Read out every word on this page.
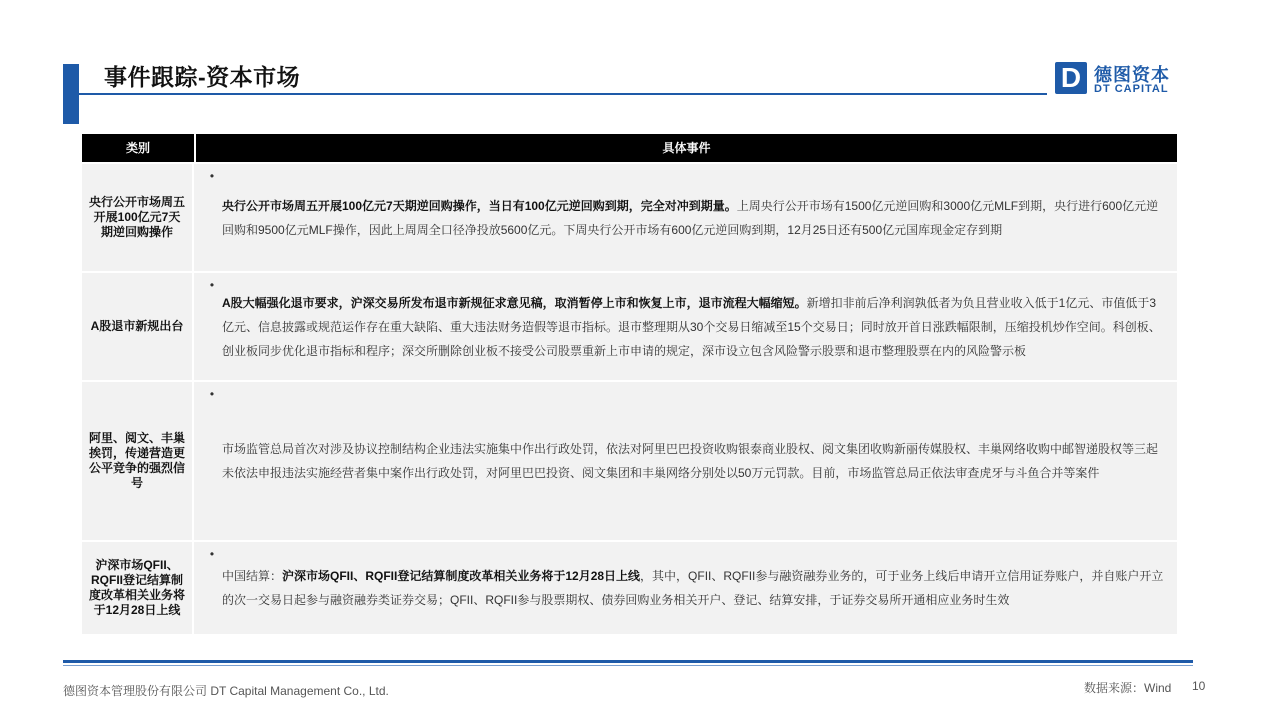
事件跟踪-资本市场	D 德图资本
DT CAPITAL
类别	具体事件
央行公开市场周五开展100亿元7天期逆回购操作
•
央行公开市场周五开展100亿元7天期逆回购操作，当日有100亿元逆回购到期，完全对冲到期量。上周央行公开市场有1500亿元逆回购和3000亿元MLF到期，央行进行600亿元逆回购和9500亿元MLF操作，因此上周周全口径净投放5600亿元。下周央行公开市场有600亿元逆回购到期，12月25日还有500亿元国库现金定存到期
A股退市新规出台
•
A股大幅强化退市要求，沪深交易所发布退市新规征求意见稿，取消暂停上市和恢复上市，退市流程大幅缩短。新增扣非前后净利润孰低者为负且营业收入低于1亿元、市值低于3亿元、信息披露或规范运作存在重大缺陷、重大违法财务造假等退市指标。退市整理期从30个交易日缩减至15个交易日；同时放开首日涨跌幅限制，压缩投机炒作空间。科创板、创业板同步优化退市指标和程序；深交所删除创业板不接受公司股票重新上市申请的规定，深市设立包含风险警示股票和退市整理股票在内的风险警示板
阿里、阅文、丰巢挨罚，传递营造更公平竞争的强烈信号
•
市场监管总局首次对涉及协议控制结构企业违法实施集中作出行政处罚，依法对阿里巴巴投资收购银泰商业股权、阅文集团收购新丽传媒股权、丰巢网络收购中邮智递股权等三起未依法申报违法实施经营者集中案作出行政处罚，对阿里巴巴投资、阅文集团和丰巢网络分别处以50万元罚款。目前，市场监管总局正依法审查虎牙与斗鱼合并等案件
沪深市场QFII、RQFII登记结算制度改革相关业务将于12月28日上线
•
中国结算：沪深市场QFII、RQFII登记结算制度改革相关业务将于12月28日上线，其中，QFII、RQFII参与融资融券业务的，可于业务上线后申请开立信用证券账户，并自账户开立的次一交易日起参与融资融券类证券交易；QFII、RQFII参与股票期权、债券回购业务相关开户、登记、结算安排，于证券交易所开通相应业务时生效
德图资本管理股份有限公司 DT Capital Management Co., Ltd.	数据来源：Wind 10
